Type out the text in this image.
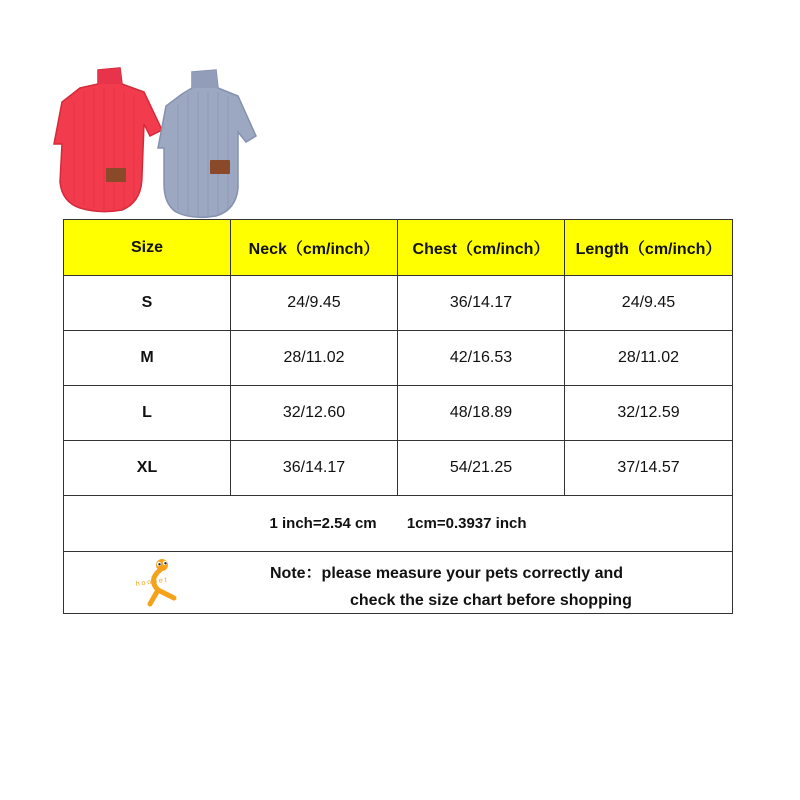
Size	Neck（cm/inch）	Chest（cm/inch）	Length（cm/inch）
S	24/9.45	36/14.17	24/9.45
M	28/11.02	42/16.53	28/11.02
L	32/12.60	48/18.89	32/12.59
XL	36/14.17	54/21.25	37/14.57
1 inch=2.54 cm 1cm=0.3937 inch			

h o o p e t
Note：please measure your pets correctly and
check the size chart before shopping			
